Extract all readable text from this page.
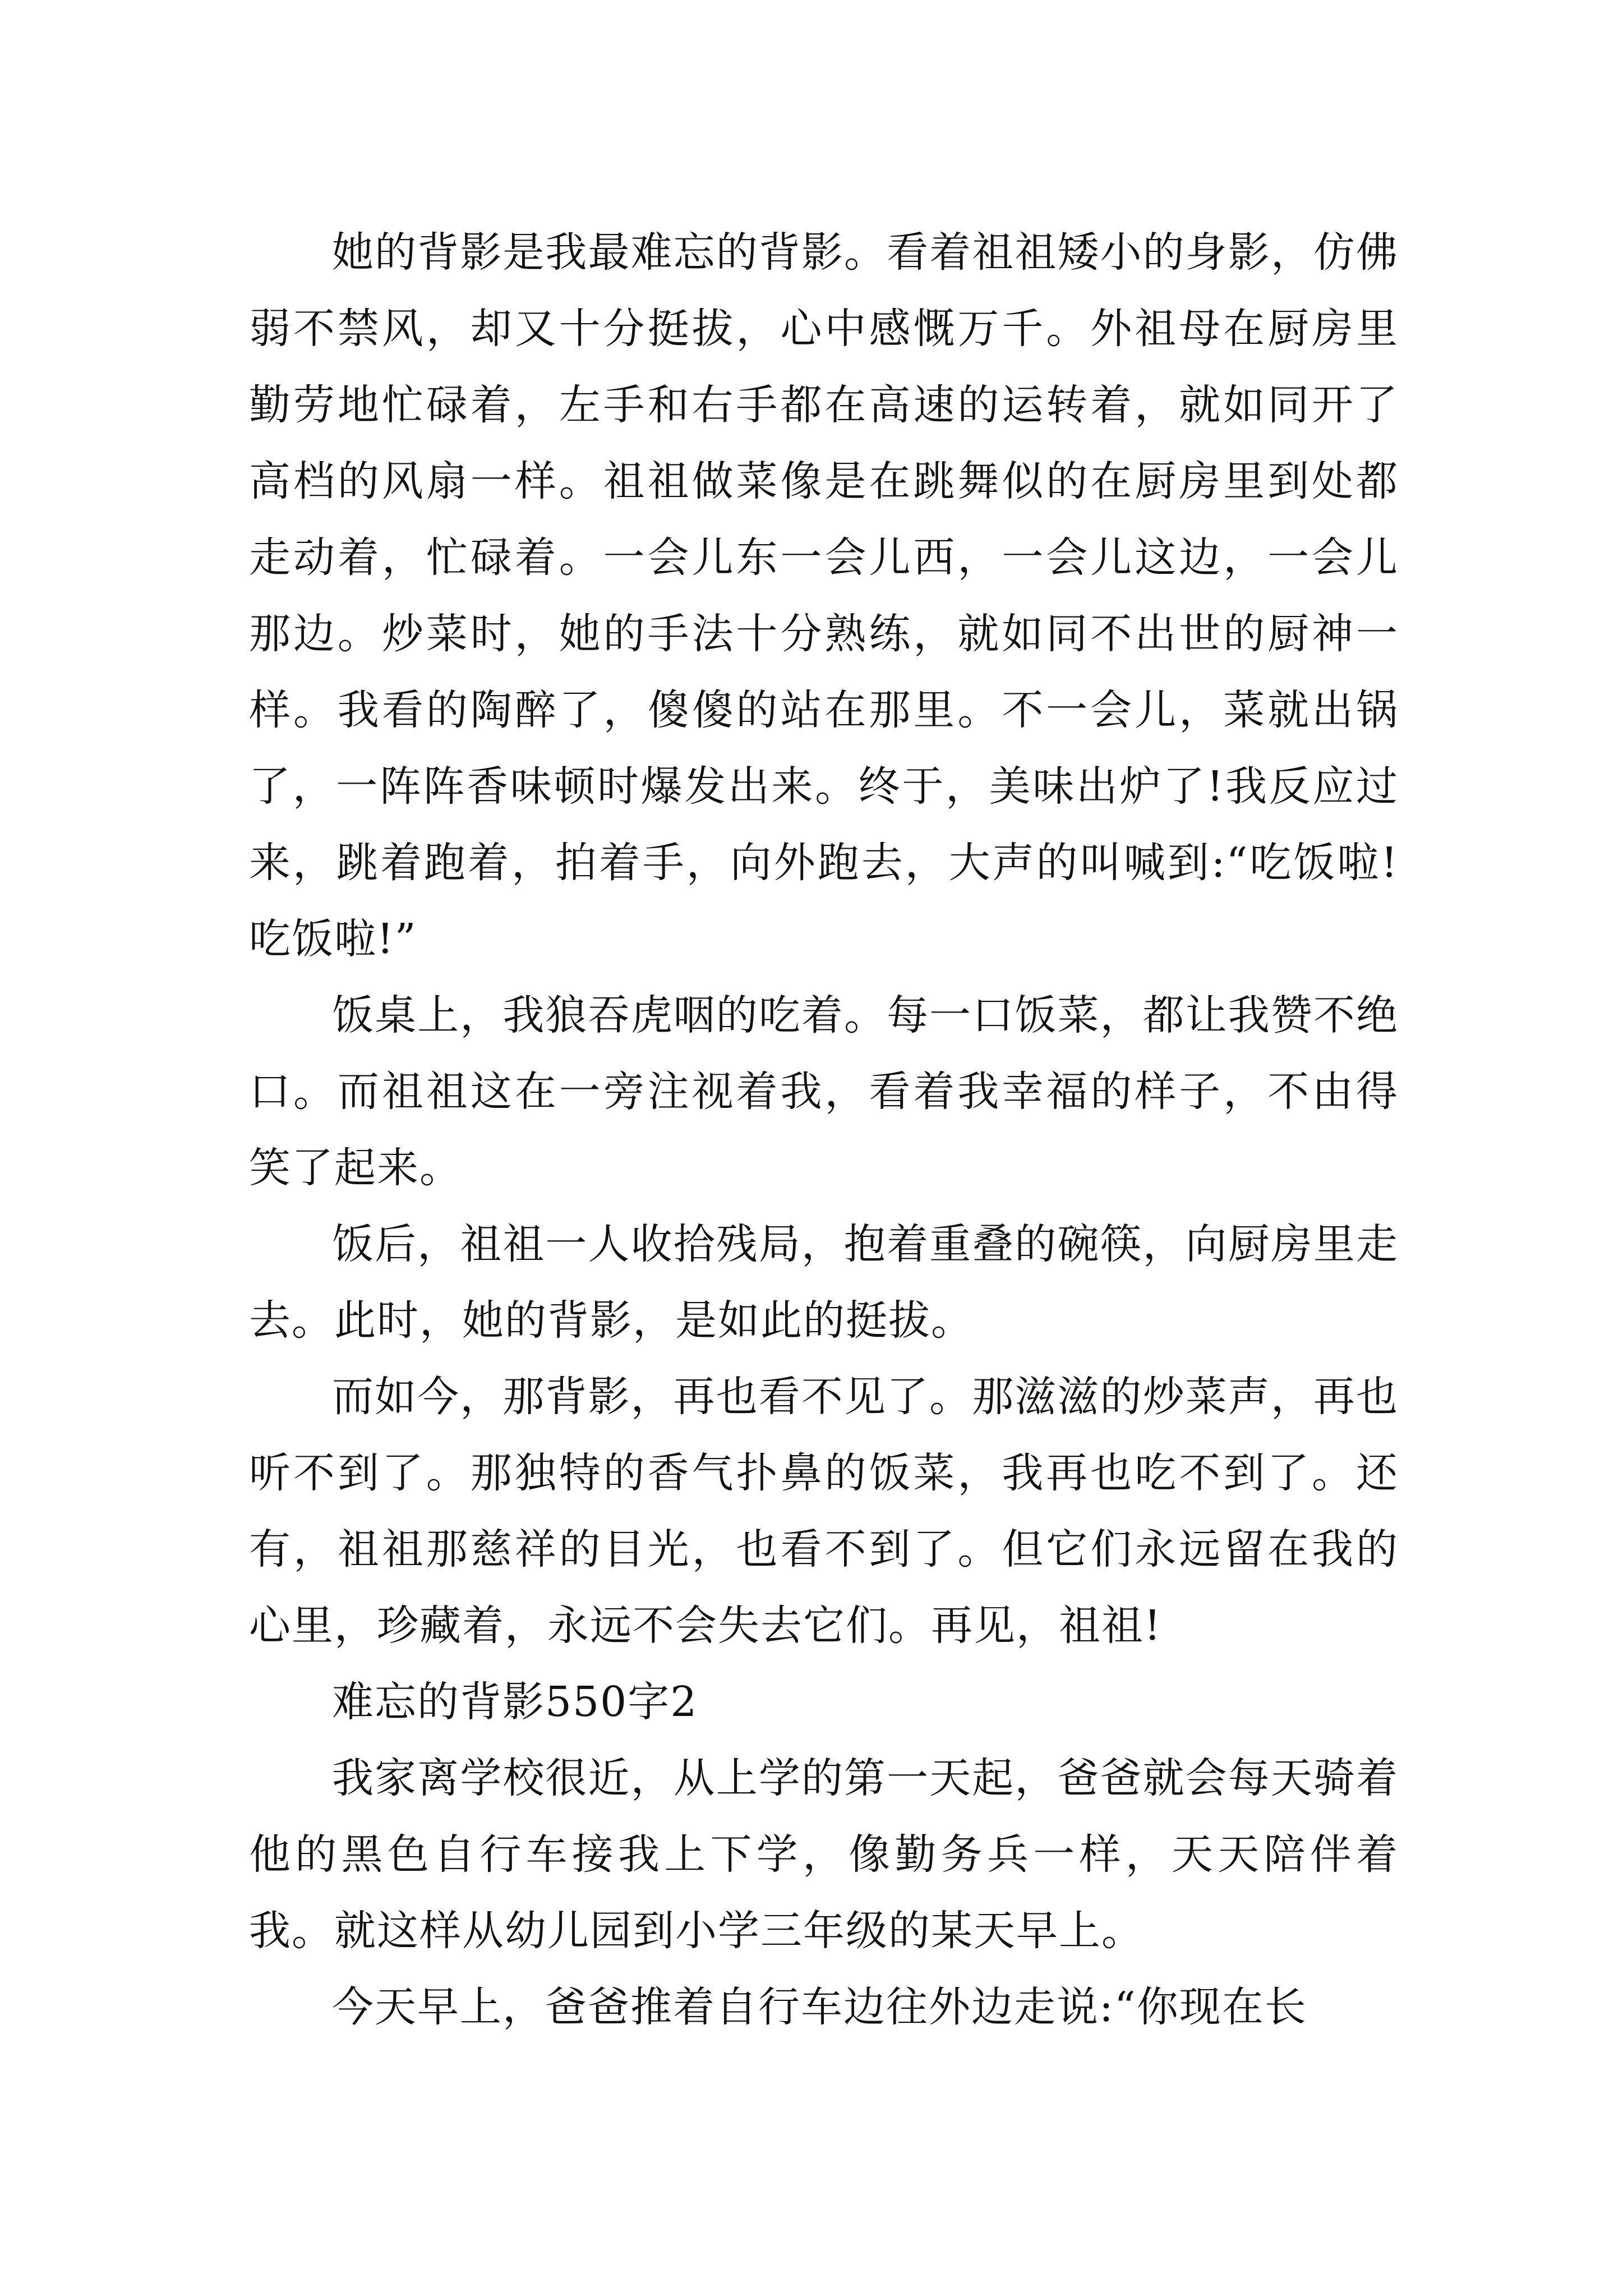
她的背影是我最难忘的背影。看着祖祖矮小的身影，仿佛弱不禁风，却又十分挺拔，心中感慨万千。外祖母在厨房里勤劳地忙碌着，左手和右手都在高速的运转着，就如同开了高档的风扇一样。祖祖做菜像是在跳舞似的在厨房里到处都走动着，忙碌着。一会儿东一会儿西，一会儿这边，一会儿那边。炒菜时，她的手法十分熟练，就如同不出世的厨神一样。我看的陶醉了，傻傻的站在那里。不一会儿，菜就出锅了，一阵阵香味顿时爆发出来。终于，美味出炉了!我反应过来，跳着跑着，拍着手，向外跑去，大声的叫喊到:“吃饭啦!吃饭啦!”

饭桌上，我狼吞虎咽的吃着。每一口饭菜，都让我赞不绝口。而祖祖这在一旁注视着我，看着我幸福的样子，不由得笑了起来。

饭后，祖祖一人收拾残局，抱着重叠的碗筷，向厨房里走去。此时，她的背影，是如此的挺拔。

而如今，那背影，再也看不见了。那滋滋的炒菜声，再也听不到了。那独特的香气扑鼻的饭菜，我再也吃不到了。还有，祖祖那慈祥的目光，也看不到了。但它们永远留在我的心里，珍藏着，永远不会失去它们。再见，祖祖!

难忘的背影550字2

我家离学校很近，从上学的第一天起，爸爸就会每天骑着他的黑色自行车接我上下学，像勤务兵一样，天天陪伴着我。就这样从幼儿园到小学三年级的某天早上。

今天早上，爸爸推着自行车边往外边走说:“你现在长
